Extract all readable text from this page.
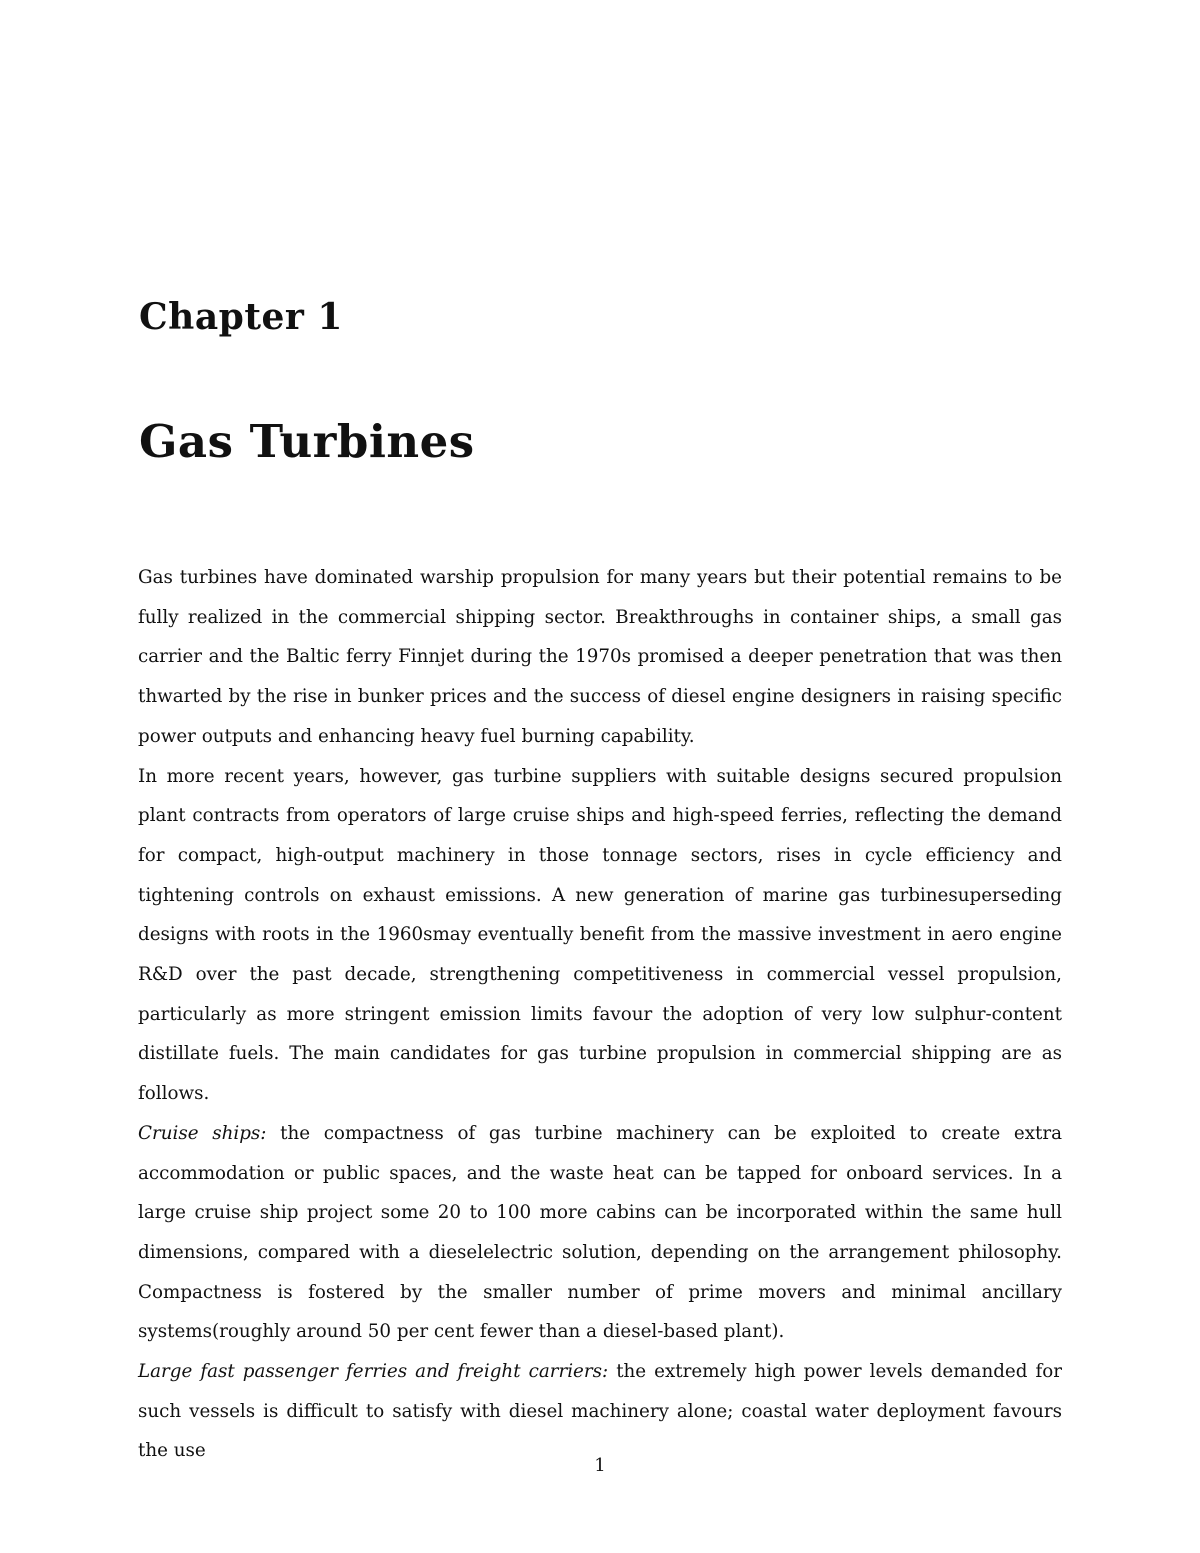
Chapter 1
Gas Turbines

Gas turbines have dominated warship propulsion for many years but their potential remains to be fully realized in the commercial shipping sector. Breakthroughs in container ships, a small gas carrier and the Baltic ferry Finnjet during the 1970s promised a deeper penetration that was then thwarted by the rise in bunker prices and the success of diesel engine designers in raising specific power outputs and enhancing heavy fuel burning capability.

In more recent years, however, gas turbine suppliers with suitable designs secured propulsion plant contracts from operators of large cruise ships and high-speed ferries, reflecting the demand for compact, high-output machinery in those tonnage sectors, rises in cycle efficiency and tightening controls on exhaust emissions. A new generation of marine gas turbinesuperseding designs with roots in the 1960smay eventually benefit from the massive investment in aero engine R&D over the past decade, strengthening competitiveness in commercial vessel propulsion, particularly as more stringent emission limits favour the adoption of very low sulphur-content distillate fuels. The main candidates for gas turbine propulsion in commercial shipping are as follows.

Cruise ships: the compactness of gas turbine machinery can be exploited to create extra accommodation or public spaces, and the waste heat can be tapped for onboard services. In a large cruise ship project some 20 to 100 more cabins can be incorporated within the same hull dimensions, compared with a dieselelectric solution, depending on the arrangement philosophy. Compactness is fostered by the smaller number of prime movers and minimal ancillary systems(roughly around 50 per cent fewer than a diesel-based plant).

Large fast passenger ferries and freight carriers: the extremely high power levels demanded for such vessels is difficult to satisfy with diesel machinery alone; coastal water deployment favours the use

1
